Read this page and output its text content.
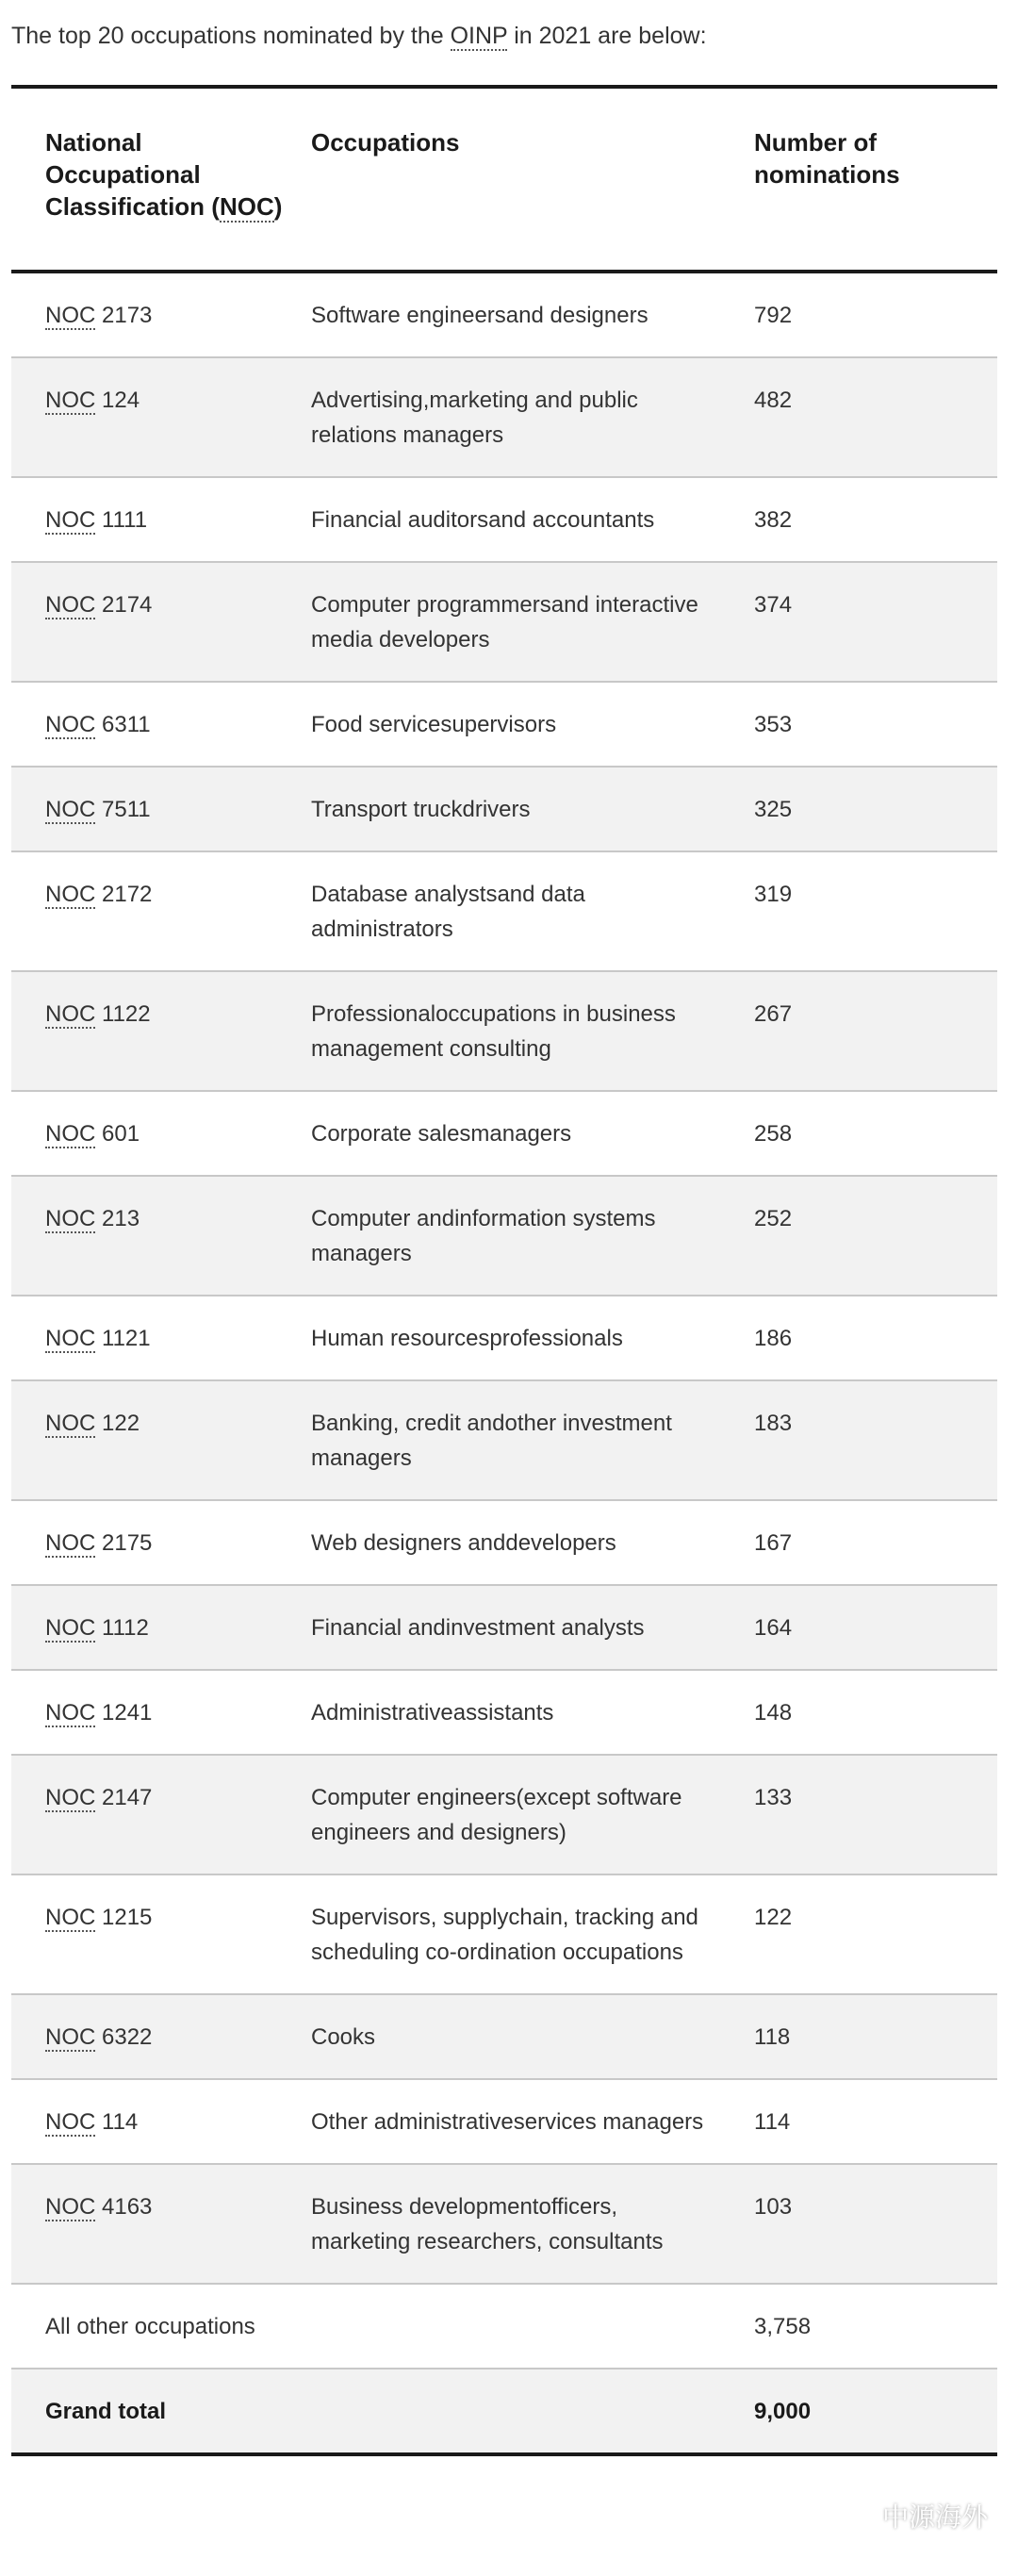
The top 20 occupations nominated by the OINP in 2021 are below:
National Occupational Classification (NOC)	Occupations	Number of nominations
NOC 2173	Software engineersand designers	792
NOC 124	Advertising,marketing and public relations managers	482
NOC 1111	Financial auditorsand accountants	382
NOC 2174	Computer programmersand interactive media developers	374
NOC 6311	Food servicesupervisors	353
NOC 7511	Transport truckdrivers	325
NOC 2172	Database analystsand data administrators	319
NOC 1122	Professionaloccupations in business management consulting	267
NOC 601	Corporate salesmanagers	258
NOC 213	Computer andinformation systems managers	252
NOC 1121	Human resourcesprofessionals	186
NOC 122	Banking, credit andother investment managers	183
NOC 2175	Web designers anddevelopers	167
NOC 1112	Financial andinvestment analysts	164
NOC 1241	Administrativeassistants	148
NOC 2147	Computer engineers(except software engineers and designers)	133
NOC 1215	Supervisors, supplychain, tracking and scheduling co-ordination occupations	122
NOC 6322	Cooks	118
NOC 114	Other administrativeservices managers	114
NOC 4163	Business developmentofficers, marketing researchers, consultants	103
All other occupations		3,758
Grand total		9,000
中源海外
